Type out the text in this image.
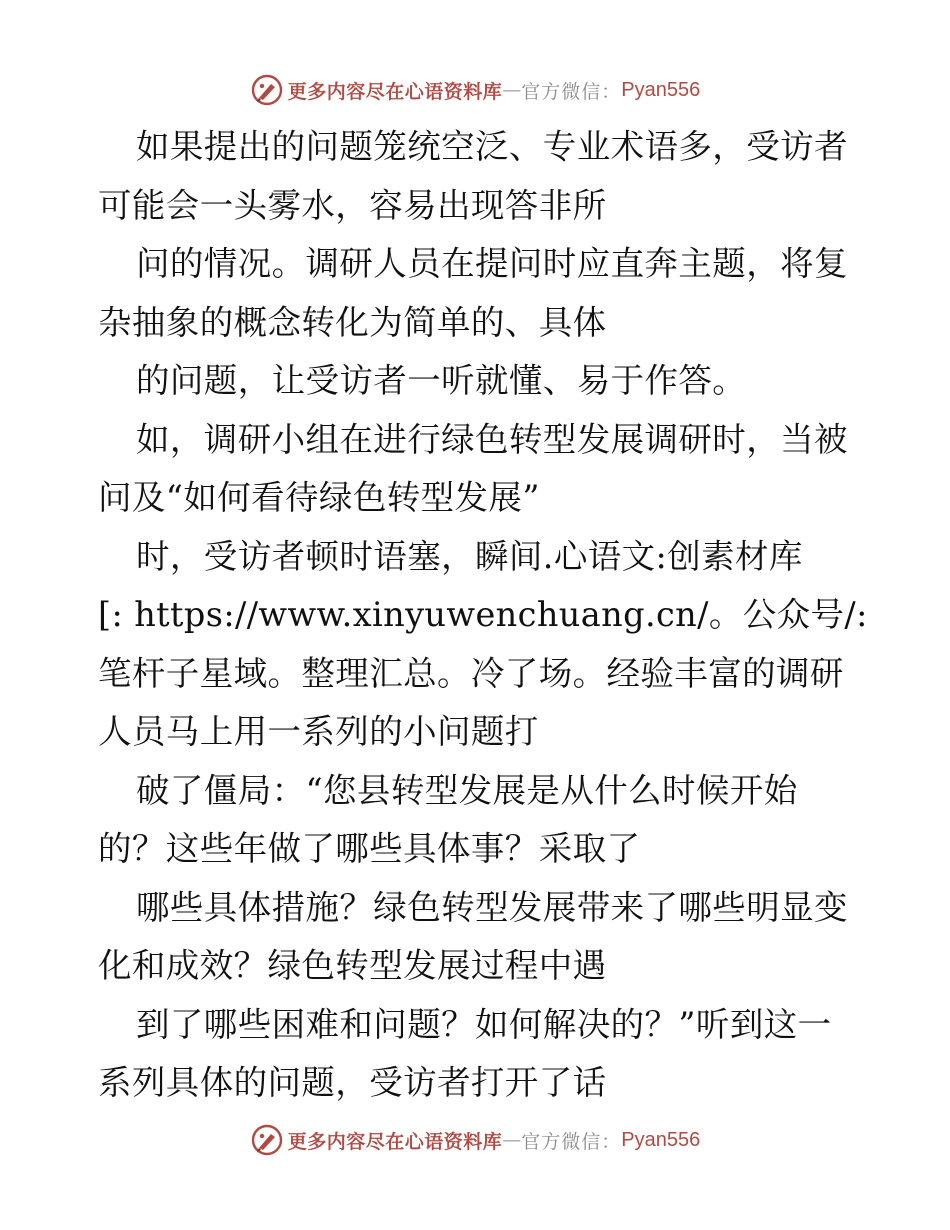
更多内容尽在心语资料库 — 官方微信： Pyan556
如果提出的问题笼统空泛、专业术语多，受访者
可能会一头雾水，容易出现答非所
问的情况。调研人员在提问时应直奔主题，将复
杂抽象的概念转化为简单的、具体
的问题，让受访者一听就懂、易于作答。
如，调研小组在进行绿色转型发展调研时，当被
问及“如何看待绿色转型发展”
时，受访者顿时语塞，瞬间.心语文:创素材库
[: https://www.xinyuwenchuang.cn/。公众号/:
笔杆子星域。整理汇总。冷了场。经验丰富的调研
人员马上用一系列的小问题打
破了僵局：“您县转型发展是从什么时候开始
的？这些年做了哪些具体事？采取了
哪些具体措施？绿色转型发展带来了哪些明显变
化和成效？绿色转型发展过程中遇
到了哪些困难和问题？如何解决的？”听到这一
系列具体的问题，受访者打开了话
更多内容尽在心语资料库 — 官方微信： Pyan556
